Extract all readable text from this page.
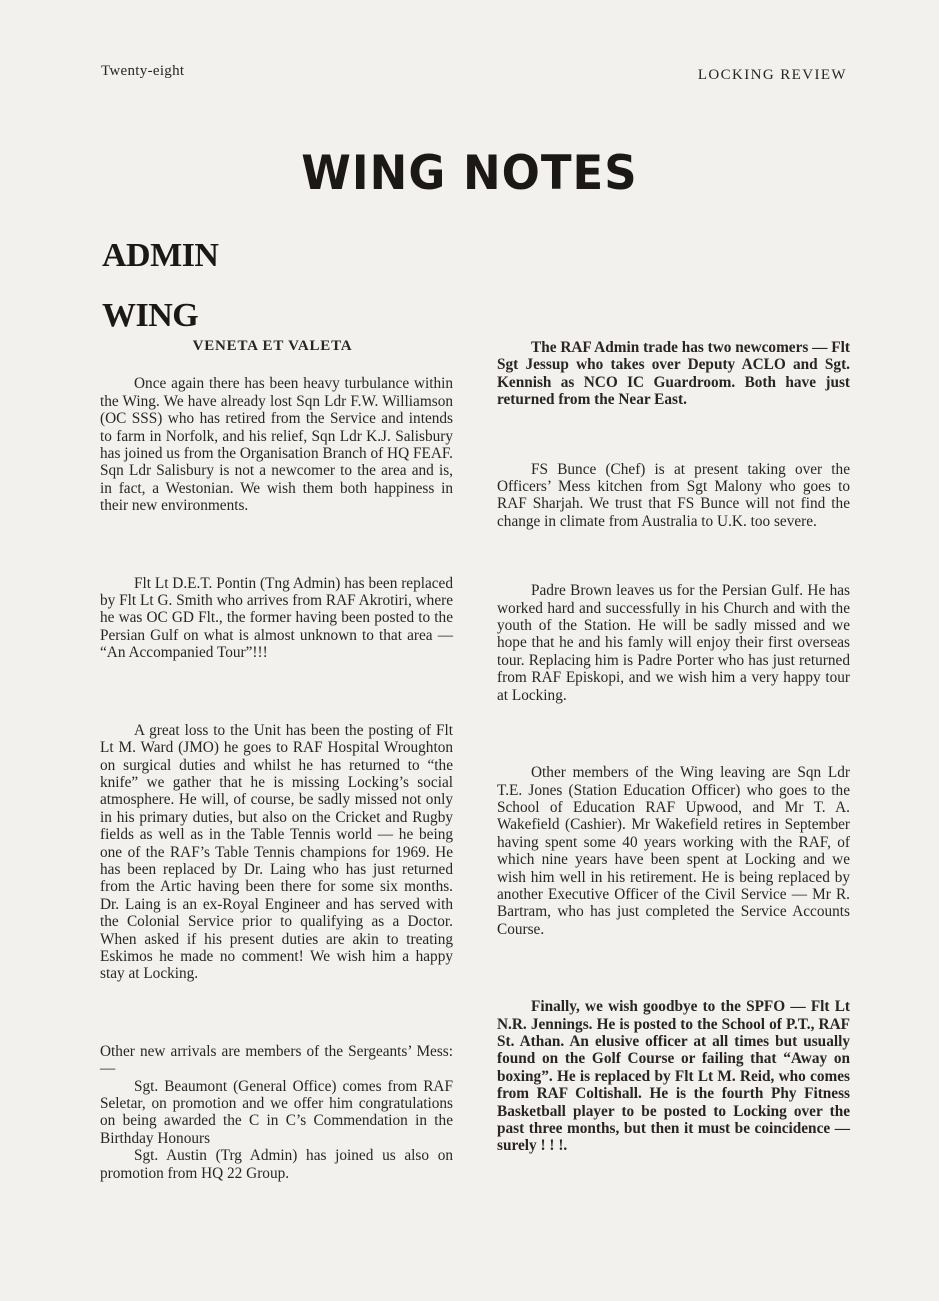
Twenty-eight	LOCKING REVIEW
WING NOTES
ADMIN
WING
VENETA ET VALETA

Once again there has been heavy turbulance within the Wing. We have already lost Sqn Ldr F.W. Williamson (OC SSS) who has retired from the Service and intends to farm in Norfolk, and his relief, Sqn Ldr K.J. Salisbury has joined us from the Organisation Branch of HQ FEAF. Sqn Ldr Salisbury is not a newcomer to the area and is, in fact, a Westonian. We wish them both happiness in their new environments.

Flt Lt D.E.T. Pontin (Tng Admin) has been replaced by Flt Lt G. Smith who arrives from RAF Akrotiri, where he was OC GD Flt., the former having been posted to the Persian Gulf on what is almost unknown to that area — “An Accompanied Tour”!!!

A great loss to the Unit has been the posting of Flt Lt M. Ward (JMO) he goes to RAF Hospital Wroughton on surgical duties and whilst he has returned to “the knife” we gather that he is missing Locking’s social atmosphere. He will, of course, be sadly missed not only in his primary duties, but also on the Cricket and Rugby fields as well as in the Table Tennis world — he being one of the RAF’s Table Tennis champions for 1969. He has been replaced by Dr. Laing who has just returned from the Artic having been there for some six months. Dr. Laing is an ex-Royal Engineer and has served with the Colonial Service prior to qualifying as a Doctor. When asked if his present duties are akin to treating Eskimos he made no comment! We wish him a happy stay at Locking.

Other new arrivals are members of the Sergeants’ Mess:—

Sgt. Beaumont (General Office) comes from RAF Seletar, on promotion and we offer him congratulations on being awarded the C in C’s Commendation in the Birthday Honours

Sgt. Austin (Trg Admin) has joined us also on promotion from HQ 22 Group.

The RAF Admin trade has two newcomers — Flt Sgt Jessup who takes over Deputy ACLO and Sgt. Kennish as NCO IC Guardroom. Both have just returned from the Near East.

FS Bunce (Chef) is at present taking over the Officers’ Mess kitchen from Sgt Malony who goes to RAF Sharjah. We trust that FS Bunce will not find the change in climate from Australia to U.K. too severe.

Padre Brown leaves us for the Persian Gulf. He has worked hard and successfully in his Church and with the youth of the Station. He will be sadly missed and we hope that he and his famly will enjoy their first overseas tour. Replacing him is Padre Porter who has just returned from RAF Episkopi, and we wish him a very happy tour at Locking.

Other members of the Wing leaving are Sqn Ldr T.E. Jones (Station Education Officer) who goes to the School of Education RAF Upwood, and Mr T. A. Wakefield (Cashier). Mr Wakefield retires in September having spent some 40 years working with the RAF, of which nine years have been spent at Locking and we wish him well in his retirement. He is being replaced by another Executive Officer of the Civil Service — Mr R. Bartram, who has just completed the Service Accounts Course.

Finally, we wish goodbye to the SPFO — Flt Lt N.R. Jennings. He is posted to the School of P.T., RAF St. Athan. An elusive officer at all times but usually found on the Golf Course or failing that “Away on boxing”. He is replaced by Flt Lt M. Reid, who comes from RAF Coltishall. He is the fourth Phy Fitness Basketball player to be posted to Locking over the past three months, but then it must be coincidence — surely ! ! !.
